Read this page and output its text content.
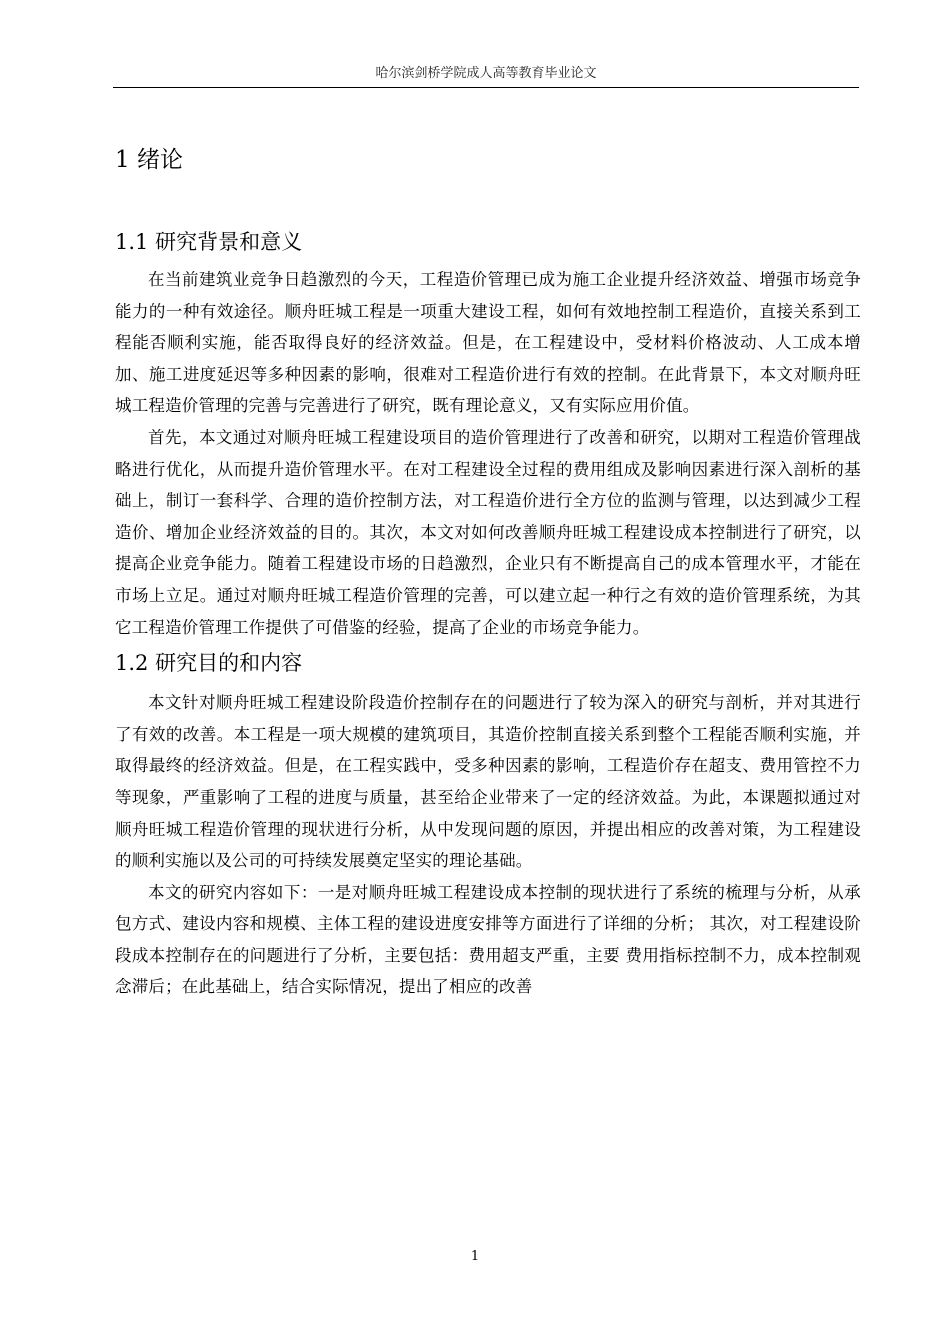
哈尔滨剑桥学院成人高等教育毕业论文
1 绪论
1.1 研究背景和意义

在当前建筑业竞争日趋激烈的今天，工程造价管理已成为施工企业提升经济效益、增强市场竞争能力的一种有效途径。顺舟旺城工程是一项重大建设工程，如何有效地控制工程造价，直接关系到工程能否顺利实施，能否取得良好的经济效益。但是，在工程建设中，受材料价格波动、人工成本增加、施工进度延迟等多种因素的影响，很难对工程造价进行有效的控制。在此背景下，本文对顺舟旺城工程造价管理的完善与完善进行了研究，既有理论意义，又有实际应用价值。

首先，本文通过对顺舟旺城工程建设项目的造价管理进行了改善和研究，以期对工程造价管理战略进行优化，从而提升造价管理水平。在对工程建设全过程的费用组成及影响因素进行深入剖析的基础上，制订一套科学、合理的造价控制方法，对工程造价进行全方位的监测与管理，以达到减少工程造价、增加企业经济效益的目的。其次，本文对如何改善顺舟旺城工程建设成本控制进行了研究，以提高企业竞争能力。随着工程建设市场的日趋激烈，企业只有不断提高自己的成本管理水平，才能在市场上立足。通过对顺舟旺城工程造价管理的完善，可以建立起一种行之有效的造价管理系统，为其它工程造价管理工作提供了可借鉴的经验，提高了企业的市场竞争能力。

1.2 研究目的和内容

本文针对顺舟旺城工程建设阶段造价控制存在的问题进行了较为深入的研究与剖析，并对其进行了有效的改善。本工程是一项大规模的建筑项目，其造价控制直接关系到整个工程能否顺利实施，并取得最终的经济效益。但是，在工程实践中，受多种因素的影响，工程造价存在超支、费用管控不力等现象，严重影响了工程的进度与质量，甚至给企业带来了一定的经济效益。为此，本课题拟通过对顺舟旺城工程造价管理的现状进行分析，从中发现问题的原因，并提出相应的改善对策，为工程建设的顺利实施以及公司的可持续发展奠定坚实的理论基础。

本文的研究内容如下：一是对顺舟旺城工程建设成本控制的现状进行了系统的梳理与分析，从承包方式、建设内容和规模、主体工程的建设进度安排等方面进行了详细的分析； 其次，对工程建设阶段成本控制存在的问题进行了分析，主要包括：费用超支严重，主要 费用指标控制不力，成本控制观念滞后；在此基础上，结合实际情况，提出了相应的改善

1
